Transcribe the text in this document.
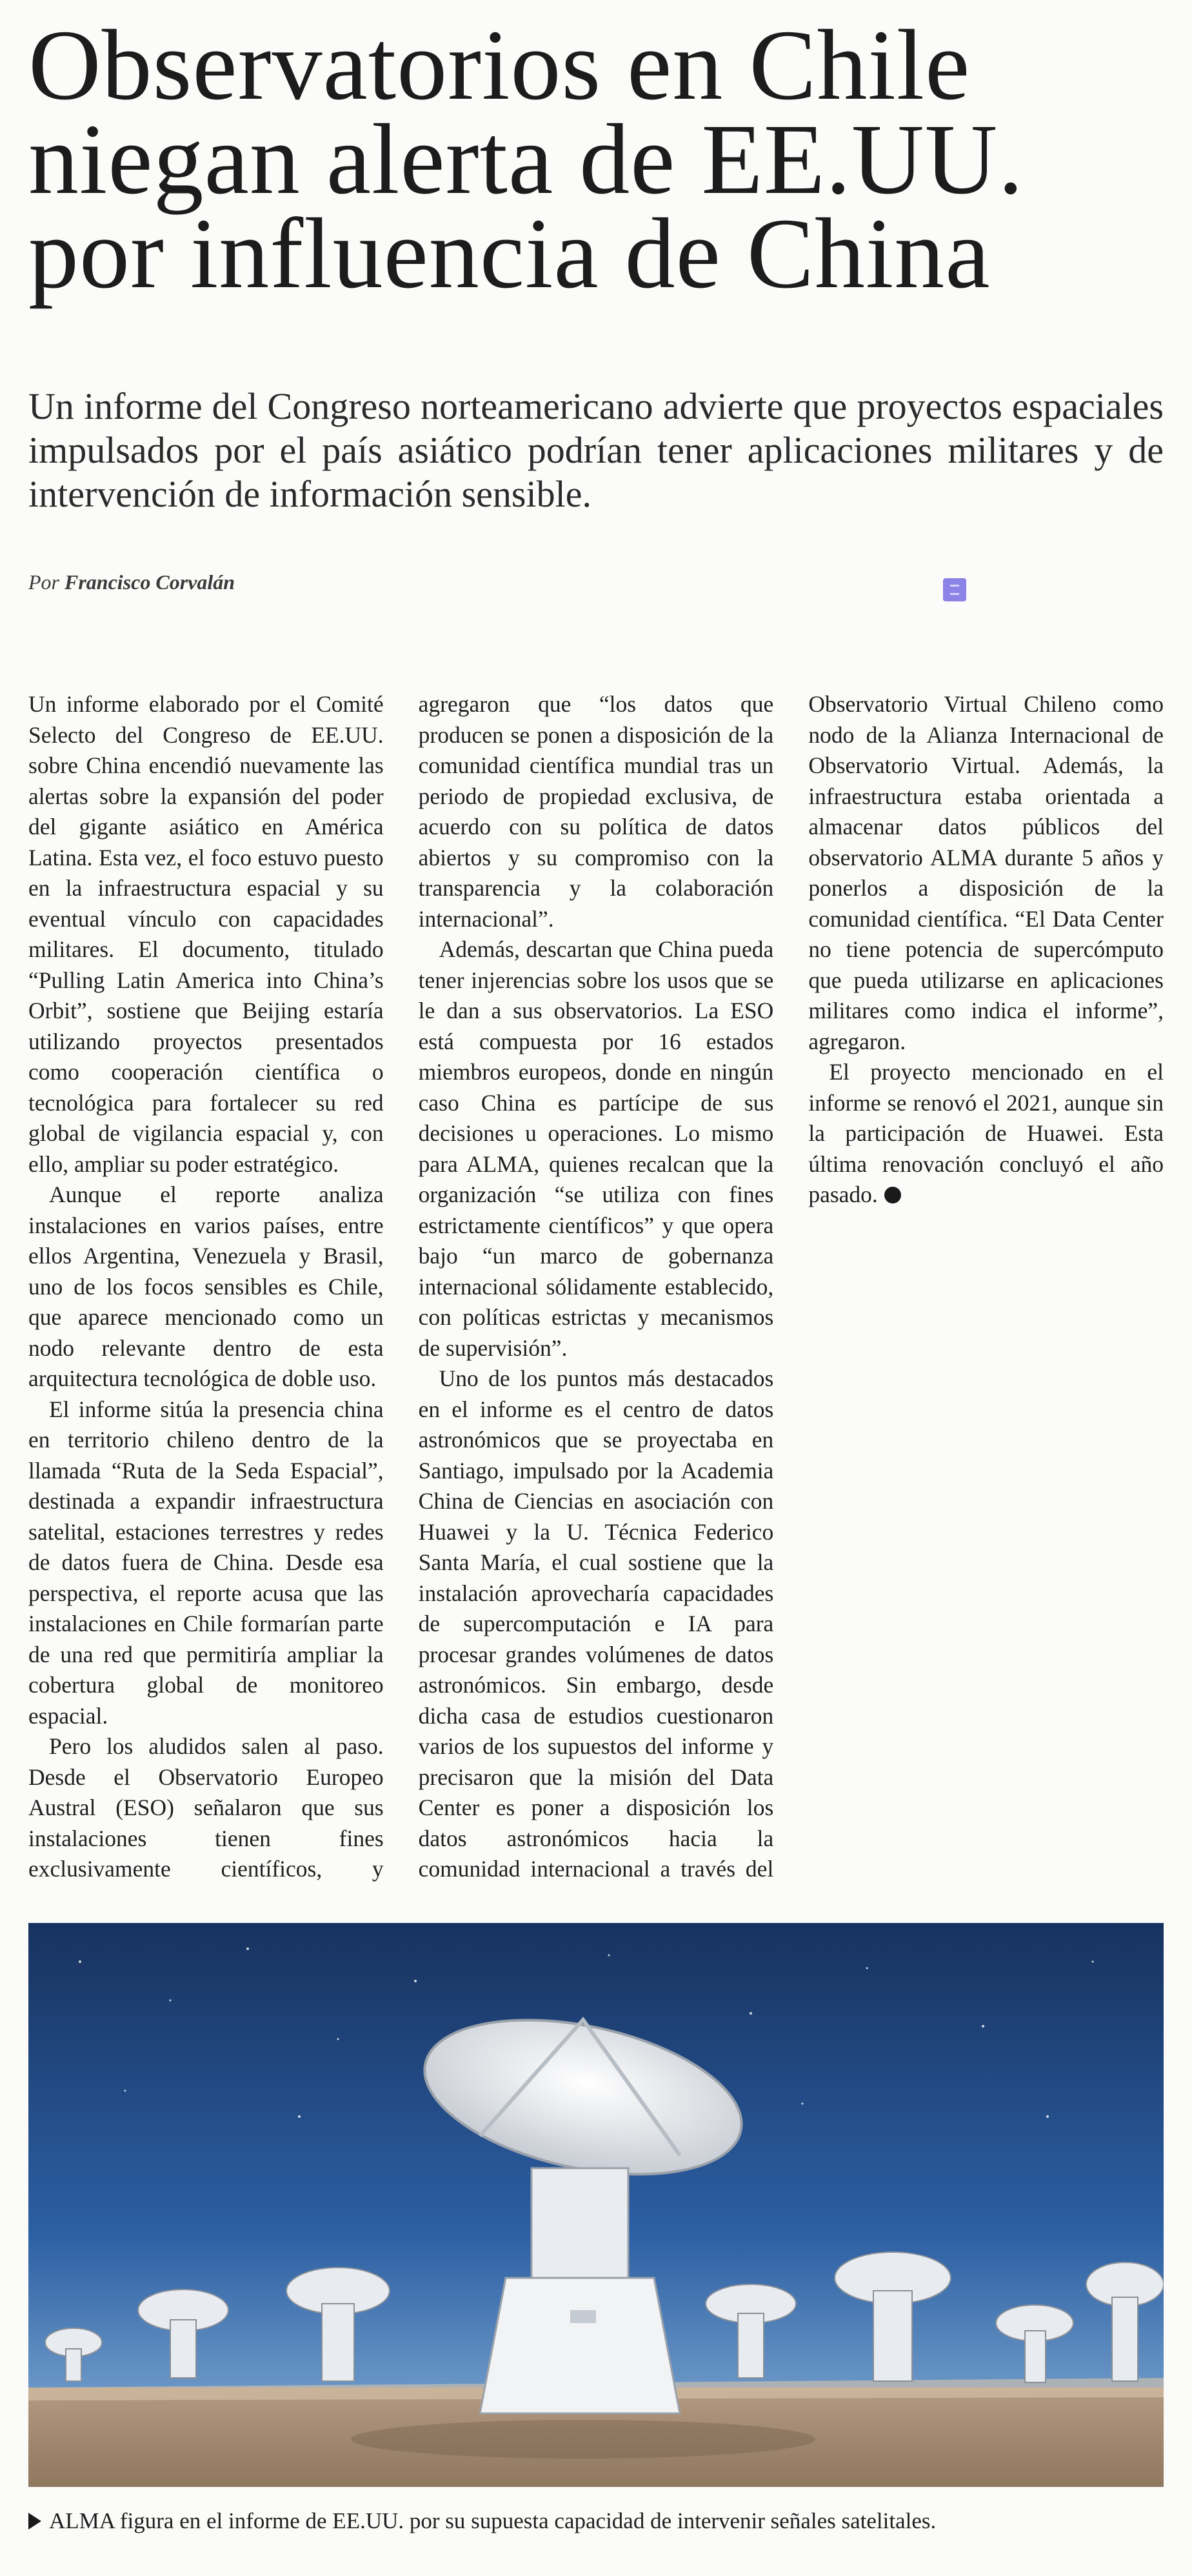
Observatorios en Chile
niegan alerta de EE.UU.
por influencia de China
Un informe del Congreso norteamericano advierte que proyectos espaciales impulsados por el país asiático podrían tener aplicaciones militares y de intervención de información sensible.
Por Francisco Corvalán

Un informe elaborado por el Comité Selecto del Congreso de EE.UU. sobre China encendió nuevamente las alertas sobre la expansión del poder del gigante asiático en América Latina. Esta vez, el foco estuvo puesto en la infraestructura espacial y su eventual vínculo con capacidades militares. El documento, titulado “Pulling Latin America into China’s Orbit”, sostiene que Beijing estaría utilizando proyectos presentados como cooperación científica o tecnológica para fortalecer su red global de vigilancia espacial y, con ello, ampliar su poder estratégico.

Aunque el reporte analiza instalaciones en varios países, entre ellos Argentina, Venezuela y Brasil, uno de los focos sensibles es Chile, que aparece mencionado como un nodo relevante dentro de esta arquitectura tecnológica de doble uso.

El informe sitúa la presencia china en territorio chileno dentro de la llamada “Ruta de la Seda Espacial”, destinada a expandir infraestructura satelital, estaciones terrestres y redes de datos fuera de China. Desde esa perspectiva, el reporte acusa que las instalaciones en Chile formarían parte de una red que permitiría ampliar la cobertura global de monitoreo espacial.

Pero los aludidos salen al paso. Desde el Observatorio Europeo Austral (ESO) señalaron que sus instalaciones tienen fines exclusivamente científicos, y agregaron que “los datos que producen se ponen a disposición de la comunidad científica mundial tras un periodo de propiedad exclusiva, de acuerdo con su política de datos abiertos y su compromiso con la transparencia y la colaboración internacional”.

Además, descartan que China pueda tener injerencias sobre los usos que se le dan a sus observatorios. La ESO está compuesta por 16 estados miembros europeos, donde en ningún caso China es partícipe de sus decisiones u operaciones. Lo mismo para ALMA, quienes recalcan que la organización “se utiliza con fines estrictamente científicos” y que opera bajo “un marco de gobernanza internacional sólidamente establecido, con políticas estrictas y mecanismos de supervisión”.

Uno de los puntos más destacados en el informe es el centro de datos astronómicos que se proyectaba en Santiago, impulsado por la Academia China de Ciencias en asociación con Huawei y la U. Técnica Federico Santa María, el cual sostiene que la instalación aprovecharía capacidades de supercomputación e IA para procesar grandes volúmenes de datos astronómicos. Sin embargo, desde dicha casa de estudios cuestionaron varios de los supuestos del informe y precisaron que la misión del Data Center es poner a disposición los datos astronómicos hacia la comunidad internacional a través del Observatorio Virtual Chileno como nodo de la Alianza Internacional de Observatorio Virtual. Además, la infraestructura estaba orientada a almacenar datos públicos del observatorio ALMA durante 5 años y ponerlos a disposición de la comunidad científica. “El Data Center no tiene potencia de supercómputo que pueda utilizarse en aplicaciones militares como indica el informe”, agregaron.

El proyecto mencionado en el informe se renovó el 2021, aunque sin la participación de Huawei. Esta última renovación concluyó el año pasado.

ALMA figura en el informe de EE.UU. por su supuesta capacidad de intervenir señales satelitales.
